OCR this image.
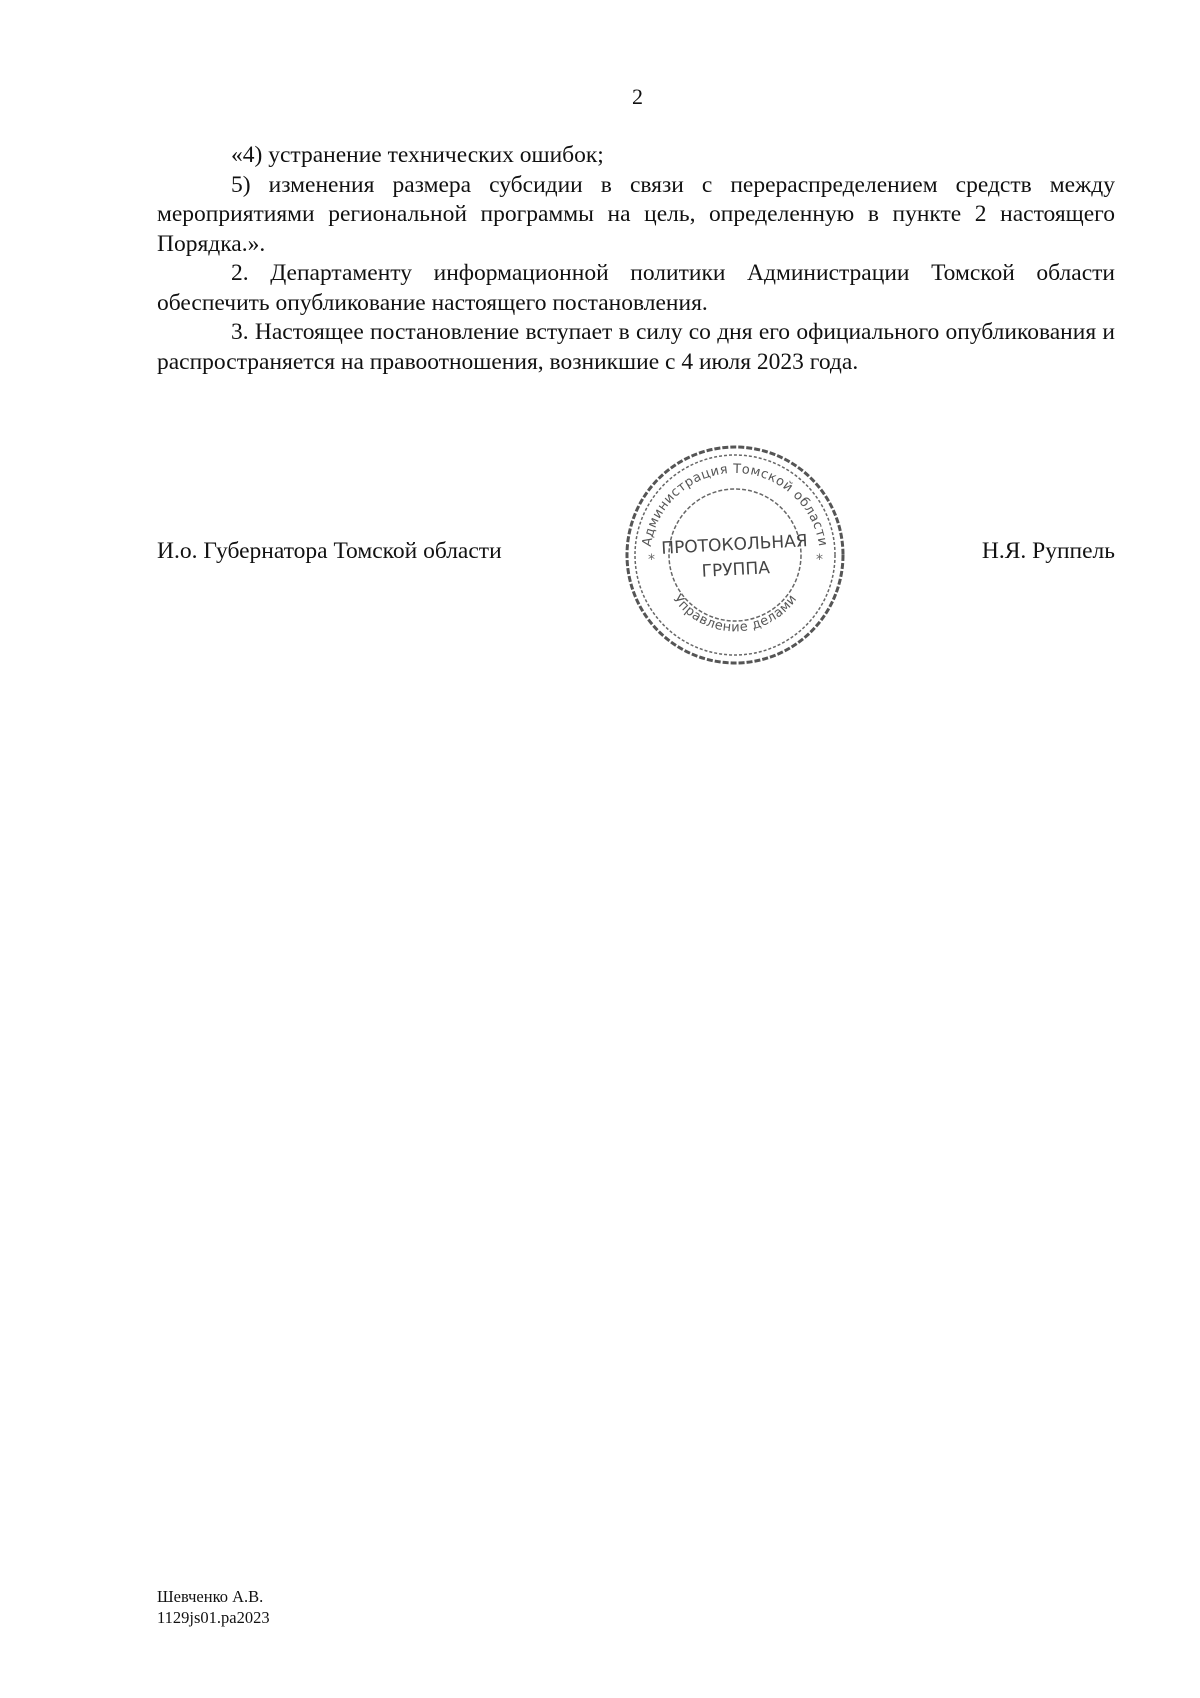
2

«4) устранение технических ошибок;

5) изменения размера субсидии в связи с перераспределением средств между мероприятиями региональной программы на цель, определенную в пункте 2 настоящего Порядка.».

2. Департаменту информационной политики Администрации Томской области обеспечить опубликование настоящего постановления.

3. Настоящее постановление вступает в силу со дня его официального опубликования и распространяется на правоотношения, возникшие с 4 июля 2023 года.

И.о. Губернатора Томской области	Администрация Томской области
Управление делами
*	*
ПРОТОКОЛЬНАЯ
ГРУППА
Н.Я. Руппель
Шевченко А.В.
1129js01.pa2023
